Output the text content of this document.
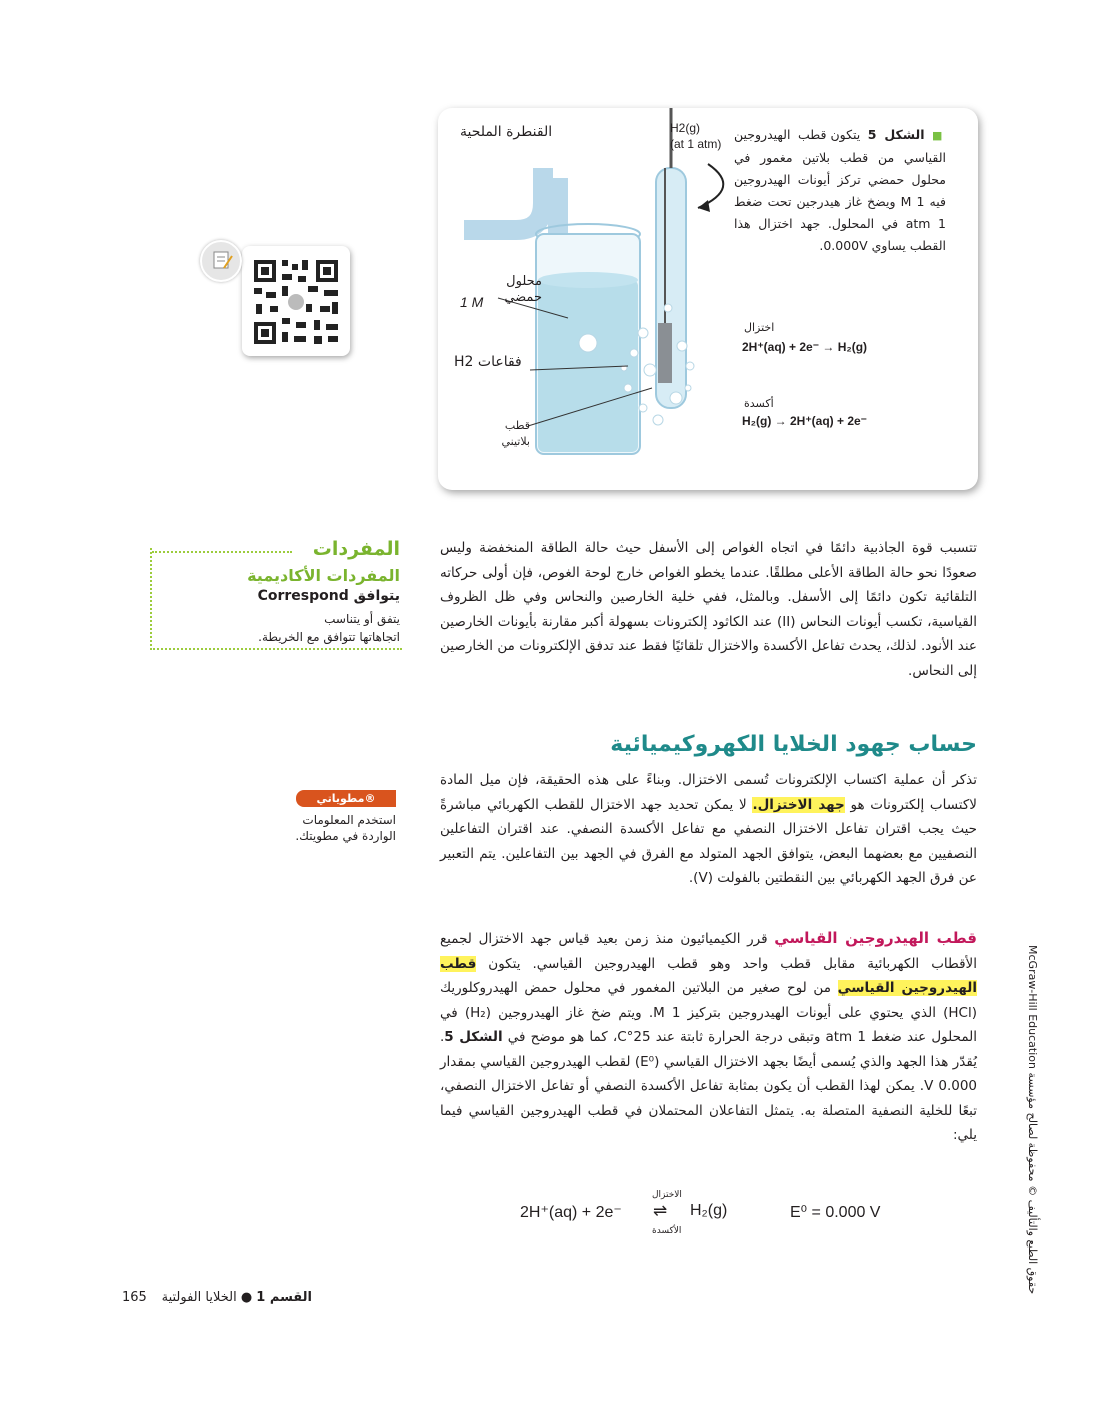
القنطرة الملحية	H2(g)
(at 1 atm)
محلول
حمضي
1 M
H2 فقاعات
قطب
بلاتيني
■ الشكل 5 يتكون قطب الهيدروجين القياسي من قطب بلاتين مغمور في محلول حمضي تركز أيونات الهيدروجين فيه 1 M ويضخ غاز هيدرجين تحت ضغط 1 atm في المحلول. جهد اختزال هذا القطب يساوي 0.000V.
اختزال
2H⁺(aq) + 2e⁻ → H₂(g)
أكسدة
H₂(g) → 2H⁺(aq) + 2e⁻
تتسبب قوة الجاذبية دائمًا في اتجاه الغواص إلى الأسفل حيث حالة الطاقة المنخفضة وليس صعودًا نحو حالة الطاقة الأعلى مطلقًا. عندما يخطو الغواص خارج لوحة الغوص، فإن أولى حركاته التلقائية تكون دائمًا إلى الأسفل. وبالمثل، ففي خلية الخارصين والنحاس وفي ظل الظروف القياسية، تكسب أيونات النحاس (II) عند الكاثود إلكترونات بسهولة أكبر مقارنة بأيونات الخارصين عند الأنود. لذلك، يحدث تفاعل الأكسدة والاختزال تلقائيًا فقط عند تدفق الإلكترونات من الخارصين إلى النحاس.
المفردات
المفردات الأكاديمية
يتوافق Correspond
يتفق أو يتناسب
اتجاهاتها تتوافق مع الخريطة.
حساب جهود الخلايا الكهروكيميائية
مطوياتي®
استخدم المعلومات
الواردة في مطويتك.
تذكر أن عملية اكتساب الإلكترونات تُسمى الاختزال. وبناءً على هذه الحقيقة، فإن ميل المادة لاكتساب إلكترونات هو جهد الاختزال. لا يمكن تحديد جهد الاختزال للقطب الكهربائي مباشرةً حيث يجب اقتران تفاعل الاختزال النصفي مع تفاعل الأكسدة النصفي. عند اقتران التفاعلين النصفيين مع بعضهما البعض، يتوافق الجهد المتولد مع الفرق في الجهد بين التفاعلين. يتم التعبير عن فرق الجهد الكهربائي بين النقطتين بالفولت (V).
قطب الهيدروجين القياسي قرر الكيميائيون منذ زمن بعيد قياس جهد الاختزال لجميع الأقطاب الكهربائية مقابل قطب واحد وهو قطب الهيدروجين القياسي. يتكون قطب الهيدروجين القياسي من لوح صغير من البلاتين المغمور في محلول حمض الهيدروكلوريك (HCl) الذي يحتوي على أيونات الهيدروجين بتركيز 1 M. ويتم ضخ غاز الهيدروجين (H₂) في المحلول عند ضغط 1 atm وتبقى درجة الحرارة ثابتة عند 25°C، كما هو موضح في الشكل 5. يُقدّر هذا الجهد والذي يُسمى أيضًا بجهد الاختزال القياسي (E⁰) لقطب الهيدروجين القياسي بمقدار 0.000 V. يمكن لهذا القطب أن يكون بمثابة تفاعل الأكسدة النصفي أو تفاعل الاختزال النصفي، تبعًا للخلية النصفية المتصلة به. يتمثل التفاعلان المحتملان في قطب الهيدروجين القياسي فيما يلي:
2H⁺(aq) + 2e⁻
الاختزال
⇌
الأكسدة
H₂(g)	E⁰ = 0.000 V
حقوق الطبع والتأليف © محفوظة لصالح مؤسسة McGraw-Hill Education
165	القسم 1 ● الخلايا الفولتية
